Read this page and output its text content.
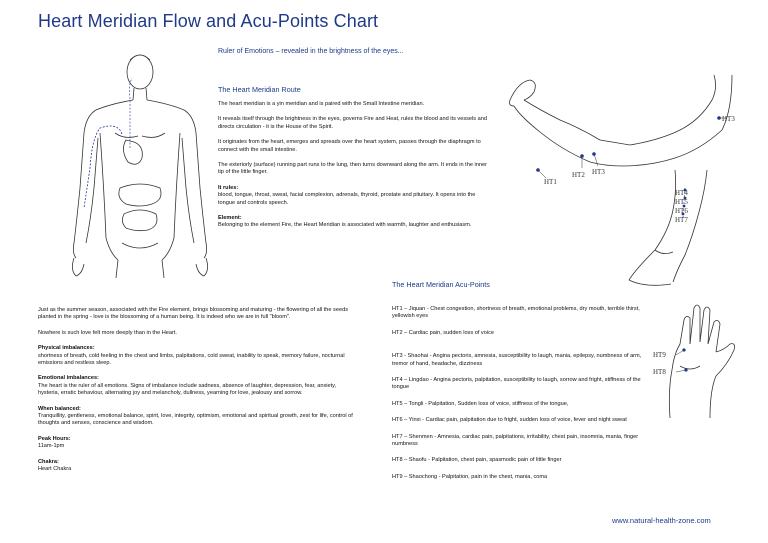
Heart Meridian Flow and Acu-Points Chart
Ruler of Emotions – revealed in the brightness of the eyes...
The Heart Meridian Route
The heart meridian is a yin meridian and is paired with the Small Intestine meridian.
It reveals itself through the brightness in the eyes, governs Fire and Heat, rules the blood and its vessels and directs circulation - it is the House of the Spirit.
It originates from the heart, emerges and spreads over the heart system, passes through the diaphragm to connect with the small intestine.
The exteriorly (surface) running part runs to the lung, then turns downward along the arm. It ends in the inner tip of the little finger.
It rules:
blood, tongue, throat, sweat, facial complexion, adrenals, thyroid, prostate and pituitary. It opens into the tongue and controls speech.
Element:
Belonging to the element Fire, the Heart Meridian is associated with warmth, laughter and enthusiasm.
HT1
HT2 HT3
HT3
HT4
HT5
HT6
HT7
HT9
HT8
Just as the summer season, associated with the Fire element, brings blossoming and maturing - the flowering of all the seeds planted in the spring - love is the blossoming of a human being. It is indeed who we are in full "bloom".
Nowhere is such love felt more deeply than in the Heart.
Physical imbalances:
shortness of breath, cold feeling in the chest and limbs, palpitations, cold sweat, inability to speak, memory failure, nocturnal emissions and restless sleep.
Emotional imbalances:
The heart is the ruler of all emotions. Signs of imbalance include sadness, absence of laughter, depression, fear, anxiety, hysteria, erratic behaviour, alternating joy and melancholy, dullness, yearning for love, jealousy and sorrow.
When balanced:
Tranquillity, gentleness, emotional balance, spirit, love, integrity, optimism, emotional and spiritual growth, zest for life, control of thoughts and senses, conscience and wisdom.
Peak Hours:
11am-1pm
Chakra:
Heart Chakra
The Heart Meridian Acu-Points
HT1 – Jiquan - Chest congestion, shortness of breath, emotional problems, dry mouth, terrible thirst, yellowish eyes
HT2 – Cardiac pain, sudden loss of voice
HT3 - Shaohai - Angina pectoris, amnesia, susceptibility to laugh, mania, epilepsy, numbness of arm, tremor of hand, headache, dizziness
HT4 – Lingdao - Angina pectoris, palpitation, susceptibility to laugh, sorrow and fright, stiffness of the tongue
HT5 – Tongli - Palpitation, Sudden loss of voice, stiffness of the tongue,
HT6 – Yinxi - Cardiac pain, palpitation due to fright, sudden loss of voice, fever and night sweat
HT7 – Shenmen - Amnesia, cardiac pain, palpitations, irritability, chest pain, insomnia, mania, finger numbness
HT8 – Shaofu - Palpitation, chest pain, spasmodic pain of little finger
HT9 – Shaochong - Palpitation, pain in the chest, mania, coma
www.natural-health-zone.com
